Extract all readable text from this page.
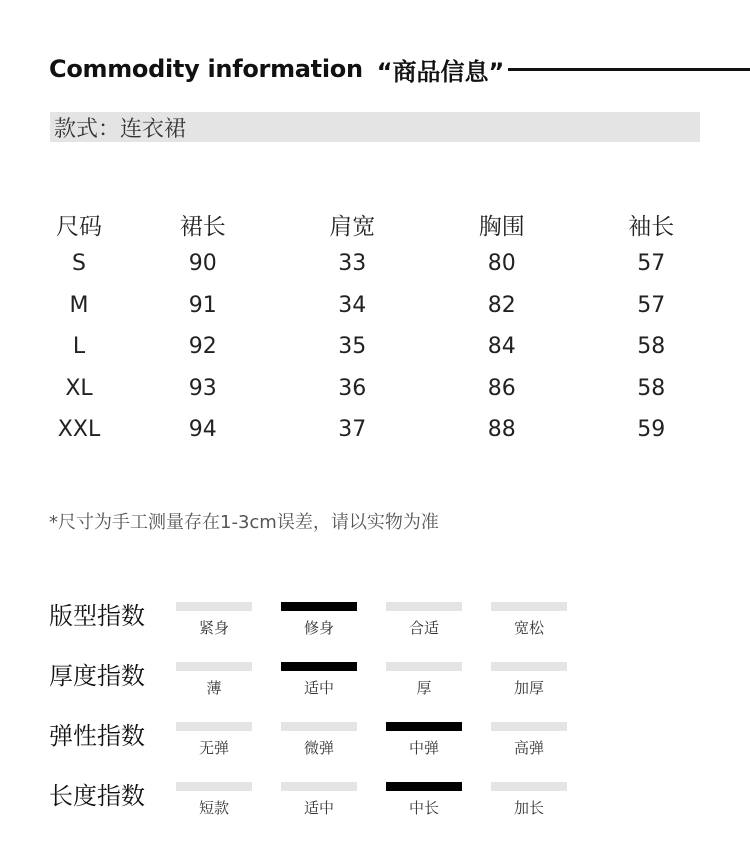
Commodity information “商品信息”
款式：连衣裙
尺码	裙长	肩宽	胸围	袖长
S	90	33	80	57
M	91	34	82	57
L	92	35	84	58
XL	93	36	86	58
XXL	94	37	88	59
*尺寸为手工测量存在1-3cm误差，请以实物为准
版型指数	紧身	修身	合适	宽松
厚度指数	薄	适中	厚	加厚
弹性指数	无弹	微弹	中弹	高弹
长度指数	短款	适中	中长	加长
